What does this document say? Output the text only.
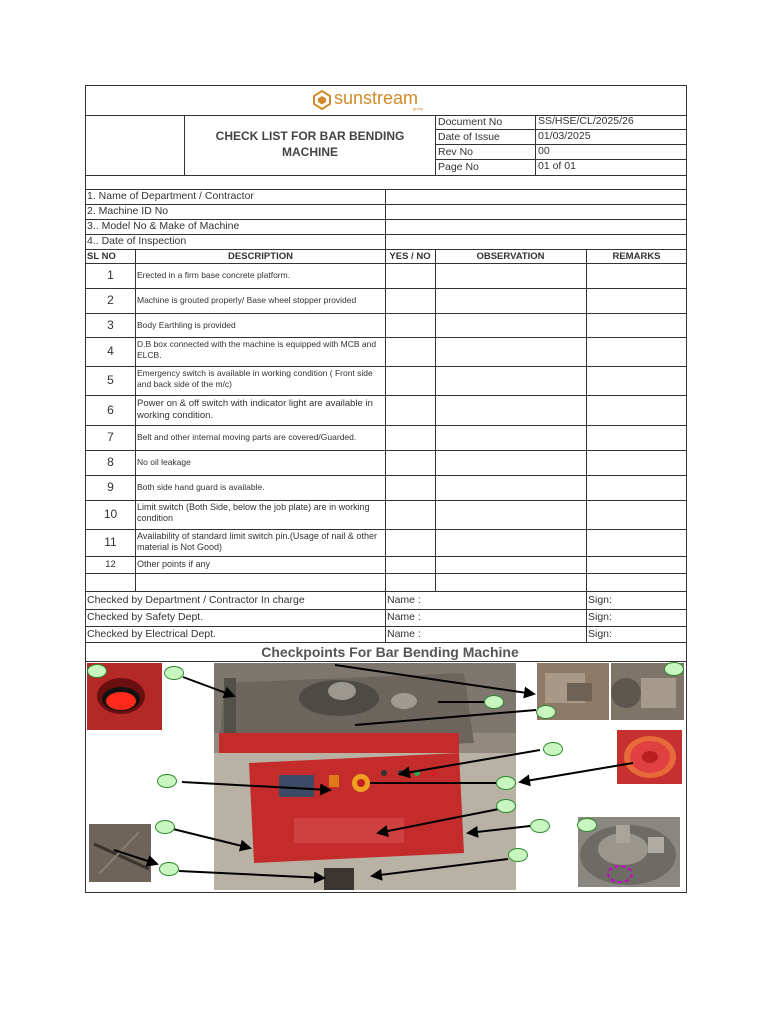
sunstream
group
CHECK LIST FOR BAR BENDING
MACHINE
Document No	SS/HSE/CL/2025/26
Date of Issue	01/03/2025
Rev No	00
Page No	01 of 01
1. Name of Department / Contractor
2. Machine ID No
3.. Model No & Make of Machine
4.. Date of Inspection
SL NO	DESCRIPTION	YES / NO	OBSERVATION	REMARKS
1	Erected in a firm base concrete platform.
2	Machine is grouted properly/ Base wheel stopper provided
3	Body Earthling is provided
4	D.B box connected with the machine is equipped with MCB and ELCB.
5	Emergency switch is available in working condition ( Front side and back side of the m/c)
6	Power on & off switch with indicator light are available in working condition.
7	Belt and other internal moving parts are covered/Guarded.
8	No oil leakage
9	Both side hand guard is available.
10	Limit switch (Both Side, below the job plate) are in working condition
11	Availability of standard limit switch pin.(Usage of nail & other material is Not Good)
12	Other points if any
Checked by Department / Contractor In charge	Name :	Sign:
Checked by Safety Dept.	Name :	Sign:
Checked by Electrical Dept.	Name :	Sign:
Checkpoints For Bar Bending Machine
